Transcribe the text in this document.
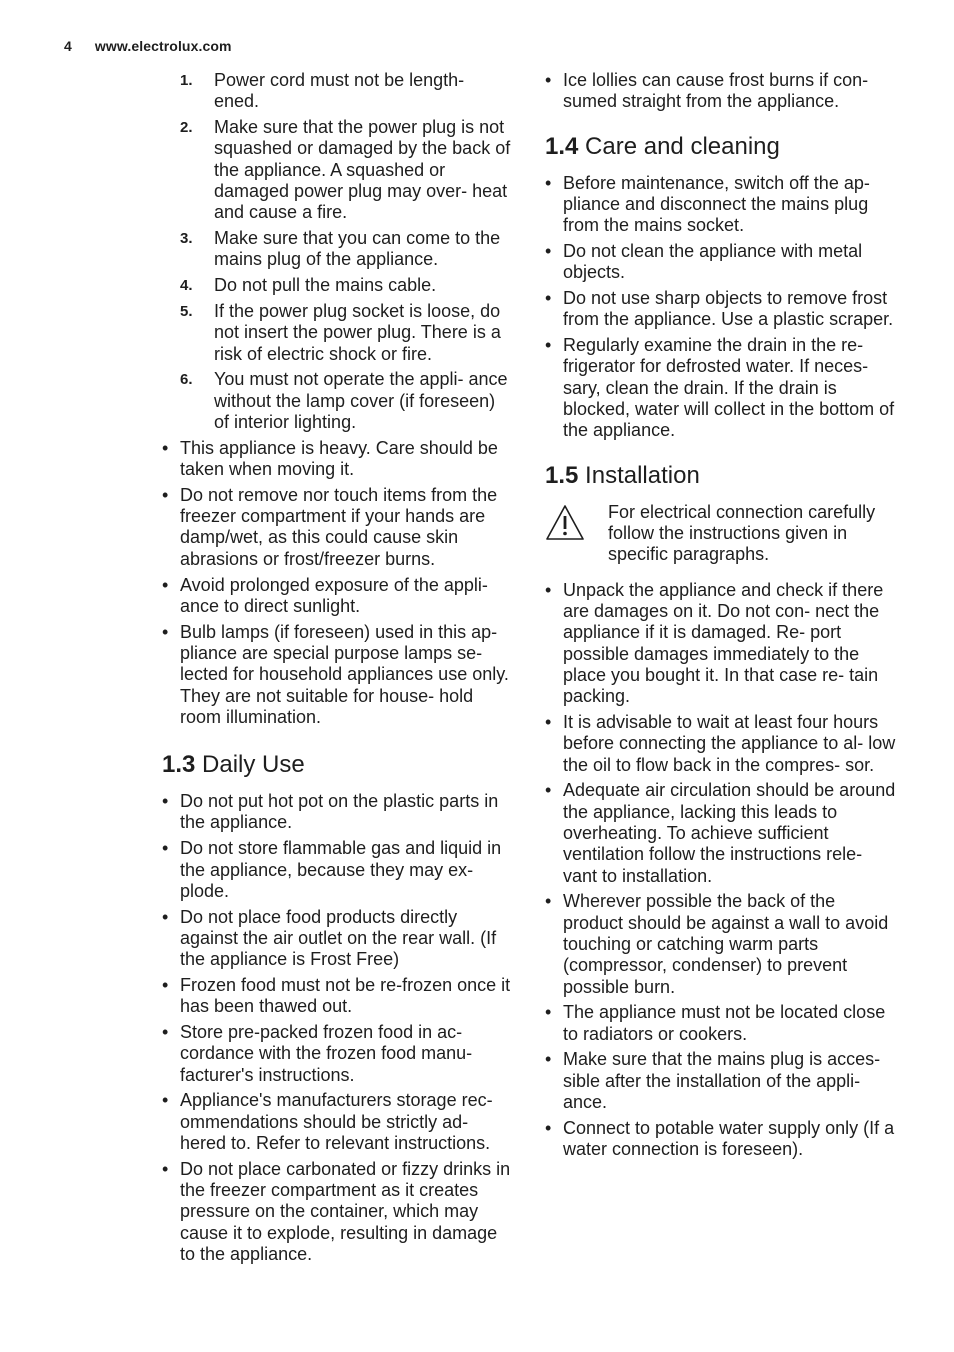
4 www.electrolux.com
1. Power cord must not be length- ened.
2. Make sure that the power plug is not squashed or damaged by the back of the appliance. A squashed or damaged power plug may over- heat and cause a fire.
3. Make sure that you can come to the mains plug of the appliance.
4. Do not pull the mains cable.
5. If the power plug socket is loose, do not insert the power plug. There is a risk of electric shock or fire.
6. You must not operate the appli- ance without the lamp cover (if foreseen) of interior lighting.
• This appliance is heavy. Care should be taken when moving it.
• Do not remove nor touch items from the freezer compartment if your hands are damp/wet, as this could cause skin abrasions or frost/freezer burns.
• Avoid prolonged exposure of the appli- ance to direct sunlight.
• Bulb lamps (if foreseen) used in this ap- pliance are special purpose lamps se- lected for household appliances use only. They are not suitable for house- hold room illumination.
1.3 Daily Use
• Do not put hot pot on the plastic parts in the appliance.
• Do not store flammable gas and liquid in the appliance, because they may ex- plode.
• Do not place food products directly against the air outlet on the rear wall. (If the appliance is Frost Free)
• Frozen food must not be re-frozen once it has been thawed out.
• Store pre-packed frozen food in ac- cordance with the frozen food manu- facturer's instructions.
• Appliance's manufacturers storage rec- ommendations should be strictly ad- hered to. Refer to relevant instructions.
• Do not place carbonated or fizzy drinks in the freezer compartment as it creates pressure on the container, which may cause it to explode, resulting in damage to the appliance.
• Ice lollies can cause frost burns if con- sumed straight from the appliance.
1.4 Care and cleaning
• Before maintenance, switch off the ap- pliance and disconnect the mains plug from the mains socket.
• Do not clean the appliance with metal objects.
• Do not use sharp objects to remove frost from the appliance. Use a plastic scraper.
• Regularly examine the drain in the re- frigerator for defrosted water. If neces- sary, clean the drain. If the drain is blocked, water will collect in the bottom of the appliance.
1.5 Installation
For electrical connection carefully follow the instructions given in specific paragraphs.
• Unpack the appliance and check if there are damages on it. Do not con- nect the appliance if it is damaged. Re- port possible damages immediately to the place you bought it. In that case re- tain packing.
• It is advisable to wait at least four hours before connecting the appliance to al- low the oil to flow back in the compres- sor.
• Adequate air circulation should be around the appliance, lacking this leads to overheating. To achieve sufficient ventilation follow the instructions rele- vant to installation.
• Wherever possible the back of the product should be against a wall to avoid touching or catching warm parts (compressor, condenser) to prevent possible burn.
• The appliance must not be located close to radiators or cookers.
• Make sure that the mains plug is acces- sible after the installation of the appli- ance.
• Connect to potable water supply only (If a water connection is foreseen).
